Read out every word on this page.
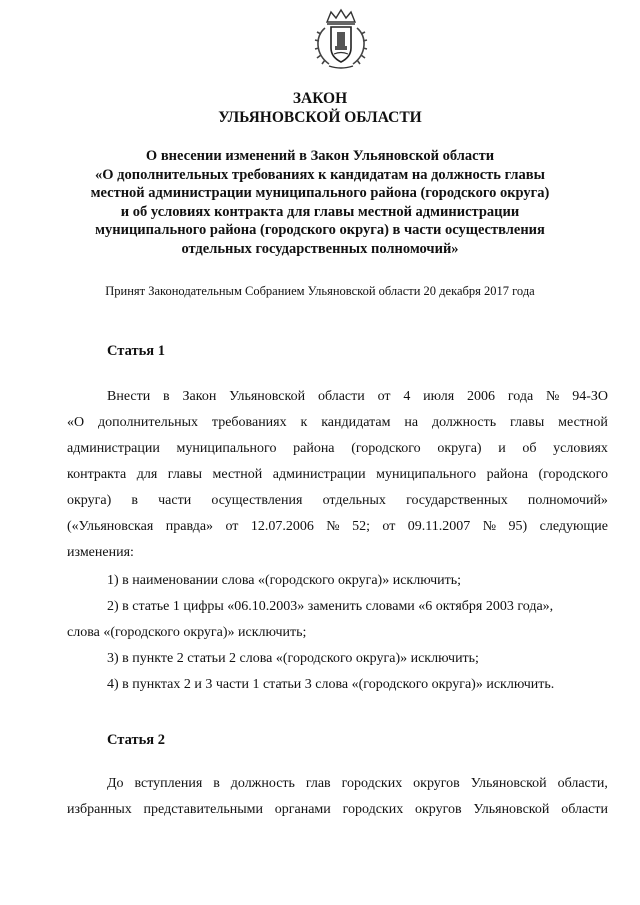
ЗАКОН
УЛЬЯНОВСКОЙ ОБЛАСТИ
О внесении изменений в Закон Ульяновской области
«О дополнительных требованиях к кандидатам на должность главы
местной администрации муниципального района (городского округа)
и об условиях контракта для главы местной администрации
муниципального района (городского округа) в части осуществления
отдельных государственных полномочий»
Принят Законодательным Собранием Ульяновской области 20 декабря 2017 года
Статья 1
Внести в Закон Ульяновской области от 4 июля 2006 года № 94-ЗО
«О дополнительных требованиях к кандидатам на должность главы местной
администрации муниципального района (городского округа) и об условиях
контракта для главы местной администрации муниципального района (городского
округа) в части осуществления отдельных государственных полномочий»
(«Ульяновская правда» от 12.07.2006 № 52; от 09.11.2007 № 95) следующие
изменения:
1) в наименовании слова «(городского округа)» исключить;
2) в статье 1 цифры «06.10.2003» заменить словами «6 октября 2003 года»,
слова «(городского округа)» исключить;
3) в пункте 2 статьи 2 слова «(городского округа)» исключить;
4) в пунктах 2 и 3 части 1 статьи 3 слова «(городского округа)» исключить.
Статья 2
До вступления в должность глав городских округов Ульяновской области,
избранных представительными органами городских округов Ульяновской области
